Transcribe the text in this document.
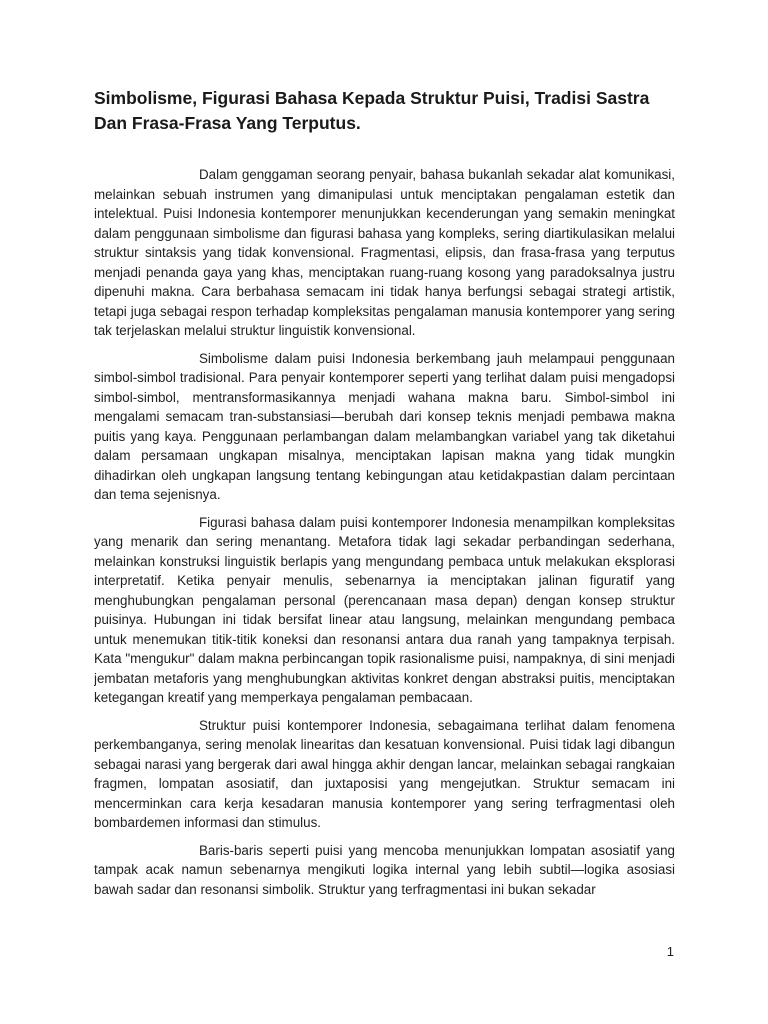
Simbolisme, Figurasi Bahasa Kepada Struktur Puisi, Tradisi Sastra Dan Frasa-Frasa Yang Terputus.

Dalam genggaman seorang penyair, bahasa bukanlah sekadar alat komunikasi, melainkan sebuah instrumen yang dimanipulasi untuk menciptakan pengalaman estetik dan intelektual. Puisi Indonesia kontemporer menunjukkan kecenderungan yang semakin meningkat dalam penggunaan simbolisme dan figurasi bahasa yang kompleks, sering diartikulasikan melalui struktur sintaksis yang tidak konvensional. Fragmentasi, elipsis, dan frasa-frasa yang terputus menjadi penanda gaya yang khas, menciptakan ruang-ruang kosong yang paradoksalnya justru dipenuhi makna. Cara berbahasa semacam ini tidak hanya berfungsi sebagai strategi artistik, tetapi juga sebagai respon terhadap kompleksitas pengalaman manusia kontemporer yang sering tak terjelaskan melalui struktur linguistik konvensional.

Simbolisme dalam puisi Indonesia berkembang jauh melampaui penggunaan simbol-simbol tradisional. Para penyair kontemporer seperti yang terlihat dalam puisi mengadopsi simbol-simbol, mentransformasikannya menjadi wahana makna baru. Simbol-simbol ini mengalami semacam tran-substansiasi—berubah dari konsep teknis menjadi pembawa makna puitis yang kaya. Penggunaan perlambangan dalam melambangkan variabel yang tak diketahui dalam persamaan ungkapan misalnya, menciptakan lapisan makna yang tidak mungkin dihadirkan oleh ungkapan langsung tentang kebingungan atau ketidakpastian dalam percintaan dan tema sejenisnya.

Figurasi bahasa dalam puisi kontemporer Indonesia menampilkan kompleksitas yang menarik dan sering menantang. Metafora tidak lagi sekadar perbandingan sederhana, melainkan konstruksi linguistik berlapis yang mengundang pembaca untuk melakukan eksplorasi interpretatif. Ketika penyair menulis, sebenarnya ia menciptakan jalinan figuratif yang menghubungkan pengalaman personal (perencanaan masa depan) dengan konsep struktur puisinya. Hubungan ini tidak bersifat linear atau langsung, melainkan mengundang pembaca untuk menemukan titik-titik koneksi dan resonansi antara dua ranah yang tampaknya terpisah. Kata "mengukur" dalam makna perbincangan topik rasionalisme puisi, nampaknya, di sini menjadi jembatan metaforis yang menghubungkan aktivitas konkret dengan abstraksi puitis, menciptakan ketegangan kreatif yang memperkaya pengalaman pembacaan.

Struktur puisi kontemporer Indonesia, sebagaimana terlihat dalam fenomena perkembanganya, sering menolak linearitas dan kesatuan konvensional. Puisi tidak lagi dibangun sebagai narasi yang bergerak dari awal hingga akhir dengan lancar, melainkan sebagai rangkaian fragmen, lompatan asosiatif, dan juxtaposisi yang mengejutkan. Struktur semacam ini mencerminkan cara kerja kesadaran manusia kontemporer yang sering terfragmentasi oleh bombardemen informasi dan stimulus.

Baris-baris seperti puisi yang mencoba menunjukkan lompatan asosiatif yang tampak acak namun sebenarnya mengikuti logika internal yang lebih subtil—logika asosiasi bawah sadar dan resonansi simbolik. Struktur yang terfragmentasi ini bukan sekadar

1
